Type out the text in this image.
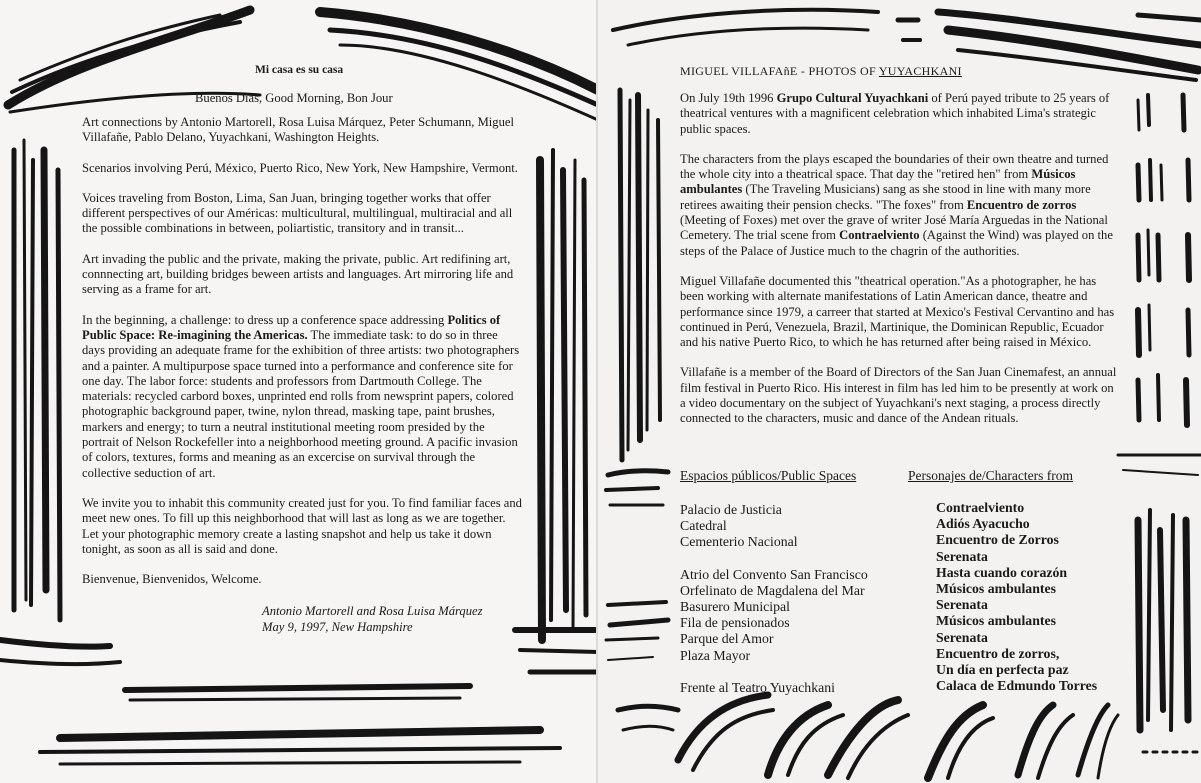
Mi casa es su casa
Buenos Días, Good Morning, Bon Jour

Art connections by Antonio Martorell, Rosa Luisa Márquez, Peter Schumann, Miguel Villafañe, Pablo Delano, Yuyachkani, Washington Heights.

Scenarios involving Perú, México, Puerto Rico, New York, New Hampshire, Vermont.

Voices traveling from Boston, Lima, San Juan, bringing together works that offer different perspectives of our Américas: multicultural, multilingual, multiracial and all the possible combinations in between, poliartistic, transitory and in transit...

Art invading the public and the private, making the private, public. Art redifining art, connnecting art, building bridges beween artists and languages. Art mirroring life and serving as a frame for art.

In the beginning, a challenge: to dress up a conference space addressing Politics of Public Space: Re-imagining the Americas. The immediate task: to do so in three days providing an adequate frame for the exhibition of three artists: two photographers and a painter. A multipurpose space turned into a performance and conference site for one day. The labor force: students and professors from Dartmouth College. The materials: recycled carbord boxes, unprinted end rolls from newsprint papers, colored photographic background paper, twine, nylon thread, masking tape, paint brushes, markers and energy; to turn a neutral institutional meeting room presided by the portrait of Nelson Rockefeller into a neighborhood meeting ground. A pacific invasion of colors, textures, forms and meaning as an excercise on survival through the collective seduction of art.

We invite you to inhabit this community created just for you. To find familiar faces and meet new ones. To fill up this neighborhood that will last as long as we are together. Let your photographic memory create a lasting snapshot and help us take it down tonight, as soon as all is said and done.

Bienvenue, Bienvenidos, Welcome.

Antonio Martorell and Rosa Luisa Márquez
May 9, 1997, New Hampshire
MIGUEL VILLAFAñE - PHOTOS OF YUYACHKANI

On July 19th 1996 Grupo Cultural Yuyachkani of Perú payed tribute to 25 years of theatrical ventures with a magnificent celebration which inhabited Lima's strategic public spaces.

The characters from the plays escaped the boundaries of their own theatre and turned the whole city into a theatrical space. That day the "retired hen" from Músicos ambulantes (The Traveling Musicians) sang as she stood in line with many more retirees awaiting their pension checks. "The foxes" from Encuentro de zorros (Meeting of Foxes) met over the grave of writer José María Arguedas in the National Cemetery. The trial scene from Contraelviento (Against the Wind) was played on the steps of the Palace of Justice much to the chagrin of the authorities.

Miguel Villafañe documented this "theatrical operation."As a photographer, he has been working with alternate manifestations of Latin American dance, theatre and performance since 1979, a carreer that started at Mexico's Festival Cervantino and has continued in Perú, Venezuela, Brazil, Martinique, the Dominican Republic, Ecuador and his native Puerto Rico, to which he has returned after being raised in México.

Villafañe is a member of the Board of Directors of the San Juan Cinemafest, an annual film festival in Puerto Rico. His interest in film has led him to be presently at work on a video documentary on the subject of Yuyachkani's next staging, a process directly connected to the characters, music and dance of the Andean rituals.

Espacios públicos/Public Spaces	Personajes de/Characters from
Palacio de Justicia
Catedral
Cementerio Nacional
Atrio del Convento San Francisco
Orfelinato de Magdalena del Mar
Basurero Municipal
Fila de pensionados
Parque del Amor
Plaza Mayor
Frente al Teatro Yuyachkani
Contraelviento
Adiós Ayacucho
Encuentro de Zorros
Serenata
Hasta cuando corazón
Músicos ambulantes
Serenata
Músicos ambulantes
Serenata
Encuentro de zorros,
Un día en perfecta paz
Calaca de Edmundo Torres
